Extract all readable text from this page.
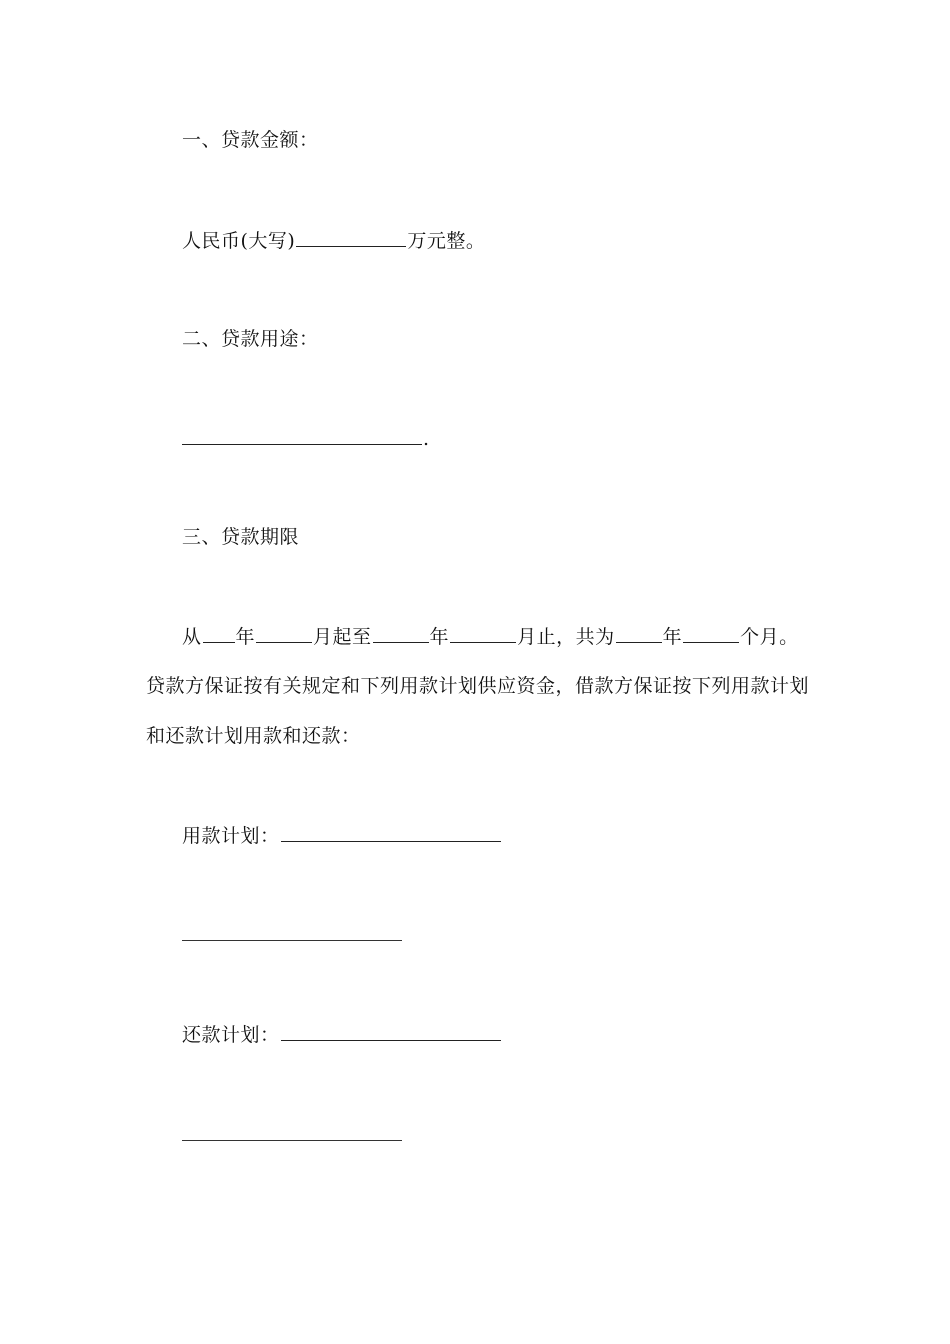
一、贷款金额：
人民币(大写)	万元整。
二、贷款用途：
.
三、贷款期限
从 年	月起至	年	月止，共为	年	个月。
贷款方保证按有关规定和下列用款计划供应资金，借款方保证按下列用款计划
和还款计划用款和还款：
用款计划：
还款计划：
